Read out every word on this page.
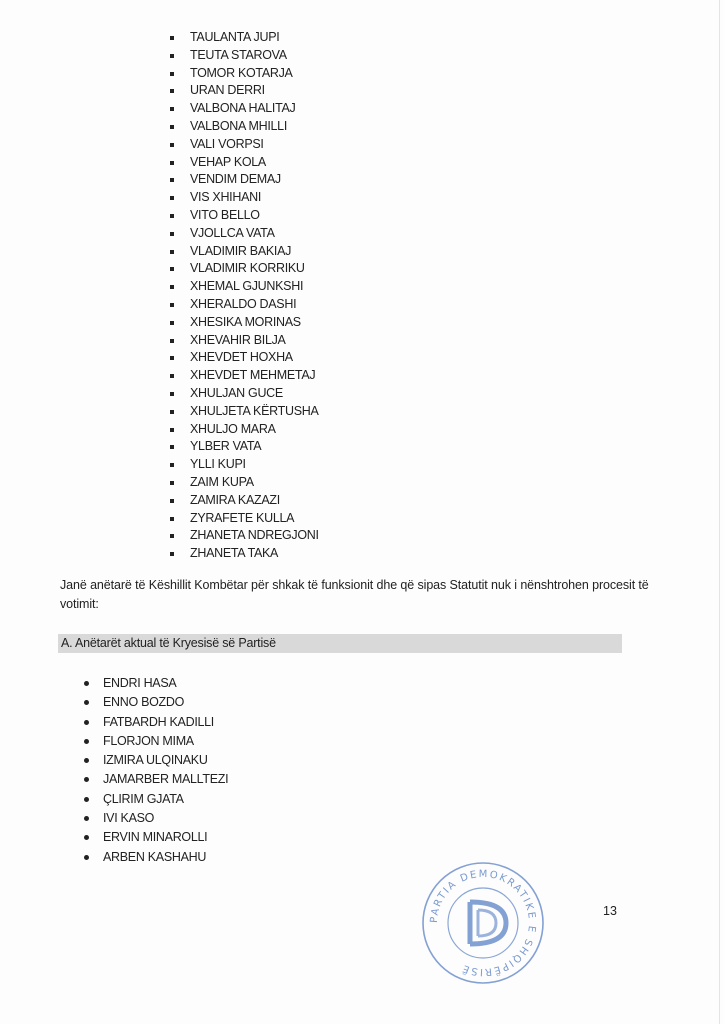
TAULANTA JUPI
TEUTA STAROVA
TOMOR KOTARJA
URAN DERRI
VALBONA HALITAJ
VALBONA MHILLI
VALI VORPSI
VEHAP KOLA
VENDIM DEMAJ
VIS XHIHANI
VITO BELLO
VJOLLCA VATA
VLADIMIR BAKIAJ
VLADIMIR KORRIKU
XHEMAL GJUNKSHI
XHERALDO DASHI
XHESIKA MORINAS
XHEVAHIR BILJA
XHEVDET HOXHA
XHEVDET MEHMETAJ
XHULJAN GUCE
XHULJETA KËRTUSHA
XHULJO MARA
YLBER VATA
YLLI KUPI
ZAIM KUPA
ZAMIRA KAZAZI
ZYRAFETE KULLA
ZHANETA NDREGJONI
ZHANETA TAKA

Janë anëtarë të Këshillit Kombëtar për shkak të funksionit dhe që sipas Statutit nuk i nënshtrohen procesit të votimit:

A. Anëtarët aktual të Kryesisë së Partisë
ENDRI HASA
ENNO BOZDO
FATBARDH KADILLI
FLORJON MIMA
IZMIRA ULQINAKU
JAMARBER MALLTEZI
ÇLIRIM GJATA
IVI KASO
ERVIN MINAROLLI
ARBEN KASHAHU
PARTIA DEMOKRATIKE E SHQIPËRISË
13
